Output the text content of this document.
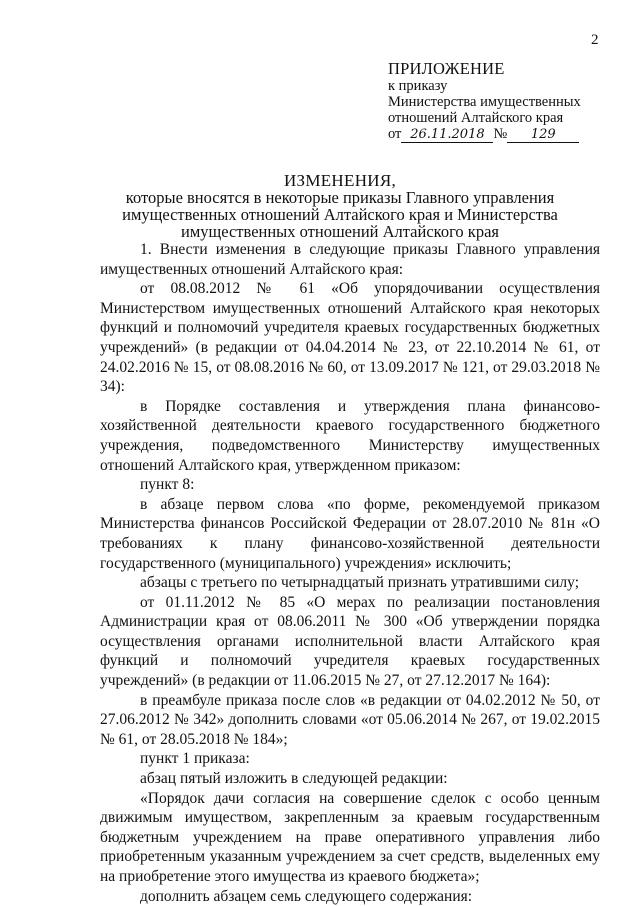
2
ПРИЛОЖЕНИЕ
к приказу
Министерства имущественных
отношений Алтайского края
от 26.11.2018 № 129
ИЗМЕНЕНИЯ,
которые вносятся в некоторые приказы Главного управления
имущественных отношений Алтайского края и Министерства
имущественных отношений Алтайского края

1. Внести изменения в следующие приказы Главного управления имущественных отношений Алтайского края:

от 08.08.2012 № 61 «Об упорядочивании осуществления Министерством имущественных отношений Алтайского края некоторых функций и полномочий учредителя краевых государственных бюджетных учреждений» (в редакции от 04.04.2014 № 23, от 22.10.2014 № 61, от 24.02.2016 № 15, от 08.08.2016 № 60, от 13.09.2017 № 121, от 29.03.2018 № 34):

в Порядке составления и утверждения плана финансово-хозяйственной деятельности краевого государственного бюджетного учреждения, подведомственного Министерству имущественных отношений Алтайского края, утвержденном приказом:

пункт 8:

в абзаце первом слова «по форме, рекомендуемой приказом Министерства финансов Российской Федерации от 28.07.2010 № 81н «О требованиях к плану финансово-хозяйственной деятельности государственного (муниципального) учреждения» исключить;

абзацы с третьего по четырнадцатый признать утратившими силу;

от 01.11.2012 № 85 «О мерах по реализации постановления Администрации края от 08.06.2011 № 300 «Об утверждении порядка осуществления органами исполнительной власти Алтайского края функций и полномочий учредителя краевых государственных учреждений» (в редакции от 11.06.2015 № 27, от 27.12.2017 № 164):

в преамбуле приказа после слов «в редакции от 04.02.2012 № 50, от 27.06.2012 № 342» дополнить словами «от 05.06.2014 № 267, от 19.02.2015 № 61, от 28.05.2018 № 184»;

пункт 1 приказа:

абзац пятый изложить в следующей редакции:

«Порядок дачи согласия на совершение сделок с особо ценным движимым имуществом, закрепленным за краевым государственным бюджетным учреждением на праве оперативного управления либо приобретенным указанным учреждением за счет средств, выделенных ему на приобретение этого имущества из краевого бюджета»;

дополнить абзацем семь следующего содержания:
